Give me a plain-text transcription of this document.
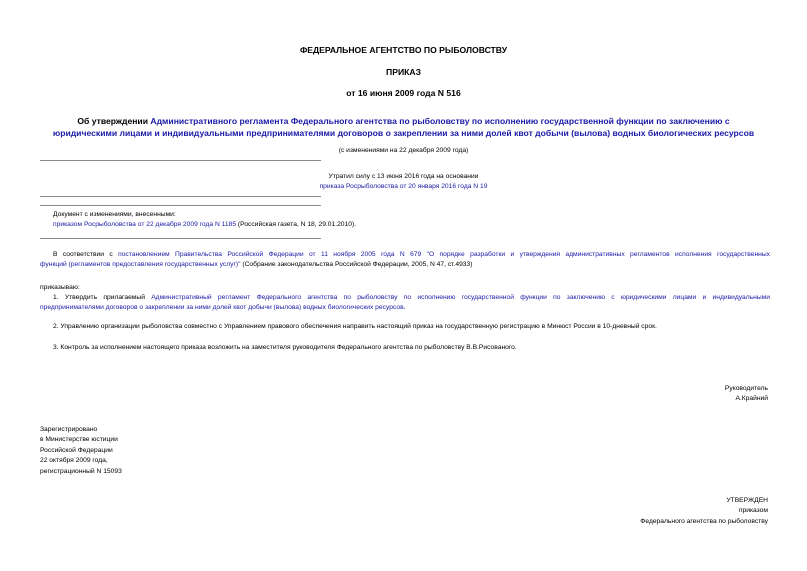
ФЕДЕРАЛЬНОЕ АГЕНТСТВО ПО РЫБОЛОВСТВУ
ПРИКАЗ
от 16 июня 2009 года N 516
Об утверждении Административного регламента Федерального агентства по рыболовству по исполнению государственной функции по заключению с
юридическими лицами и индивидуальными предпринимателями договоров о закреплении за ними долей квот добычи (вылова) водных биологических ресурсов
(с изменениями на 22 декабря 2009 года)
Утратил силу с 13 июня 2016 года на основании
приказа Росрыболовства от 20 января 2016 года N 19
Документ с изменениями, внесенными:
приказом Росрыболовства от 22 декабря 2009 года N 1185 (Российская газета, N 18, 29.01.2010).
В соответствии с постановлением Правительства Российской Федерации от 11 ноября 2005 года N 679 "О порядке разработки и утверждения административных регламентов исполнения государственных
функций (регламентов предоставления государственных услуг)" (Собрание законодательства Российской Федерации, 2005, N 47, ст.4933)
приказываю:
1. Утвердить прилагаемый Административный регламент Федерального агентства по рыболовству по исполнению государственной функции по заключению с юридическими лицами и индивидуальными
предпринимателями договоров о закреплении за ними долей квот добычи (вылова) водных биологических ресурсов.
2. Управлению организации рыболовства совместно с Управлением правового обеспечения направить настоящий приказ на государственную регистрацию в Минюст России в 10-дневный срок.
3. Контроль за исполнением настоящего приказа возложить на заместителя руководителя Федерального агентства по рыболовству В.В.Рисованого.
Руководитель
А.Крайний
Зарегистрировано
в Министерстве юстиции
Российской Федерации
22 октября 2009 года,
регистрационный N 15093
УТВЕРЖДЕН
приказом
Федерального агентства по рыболовству
